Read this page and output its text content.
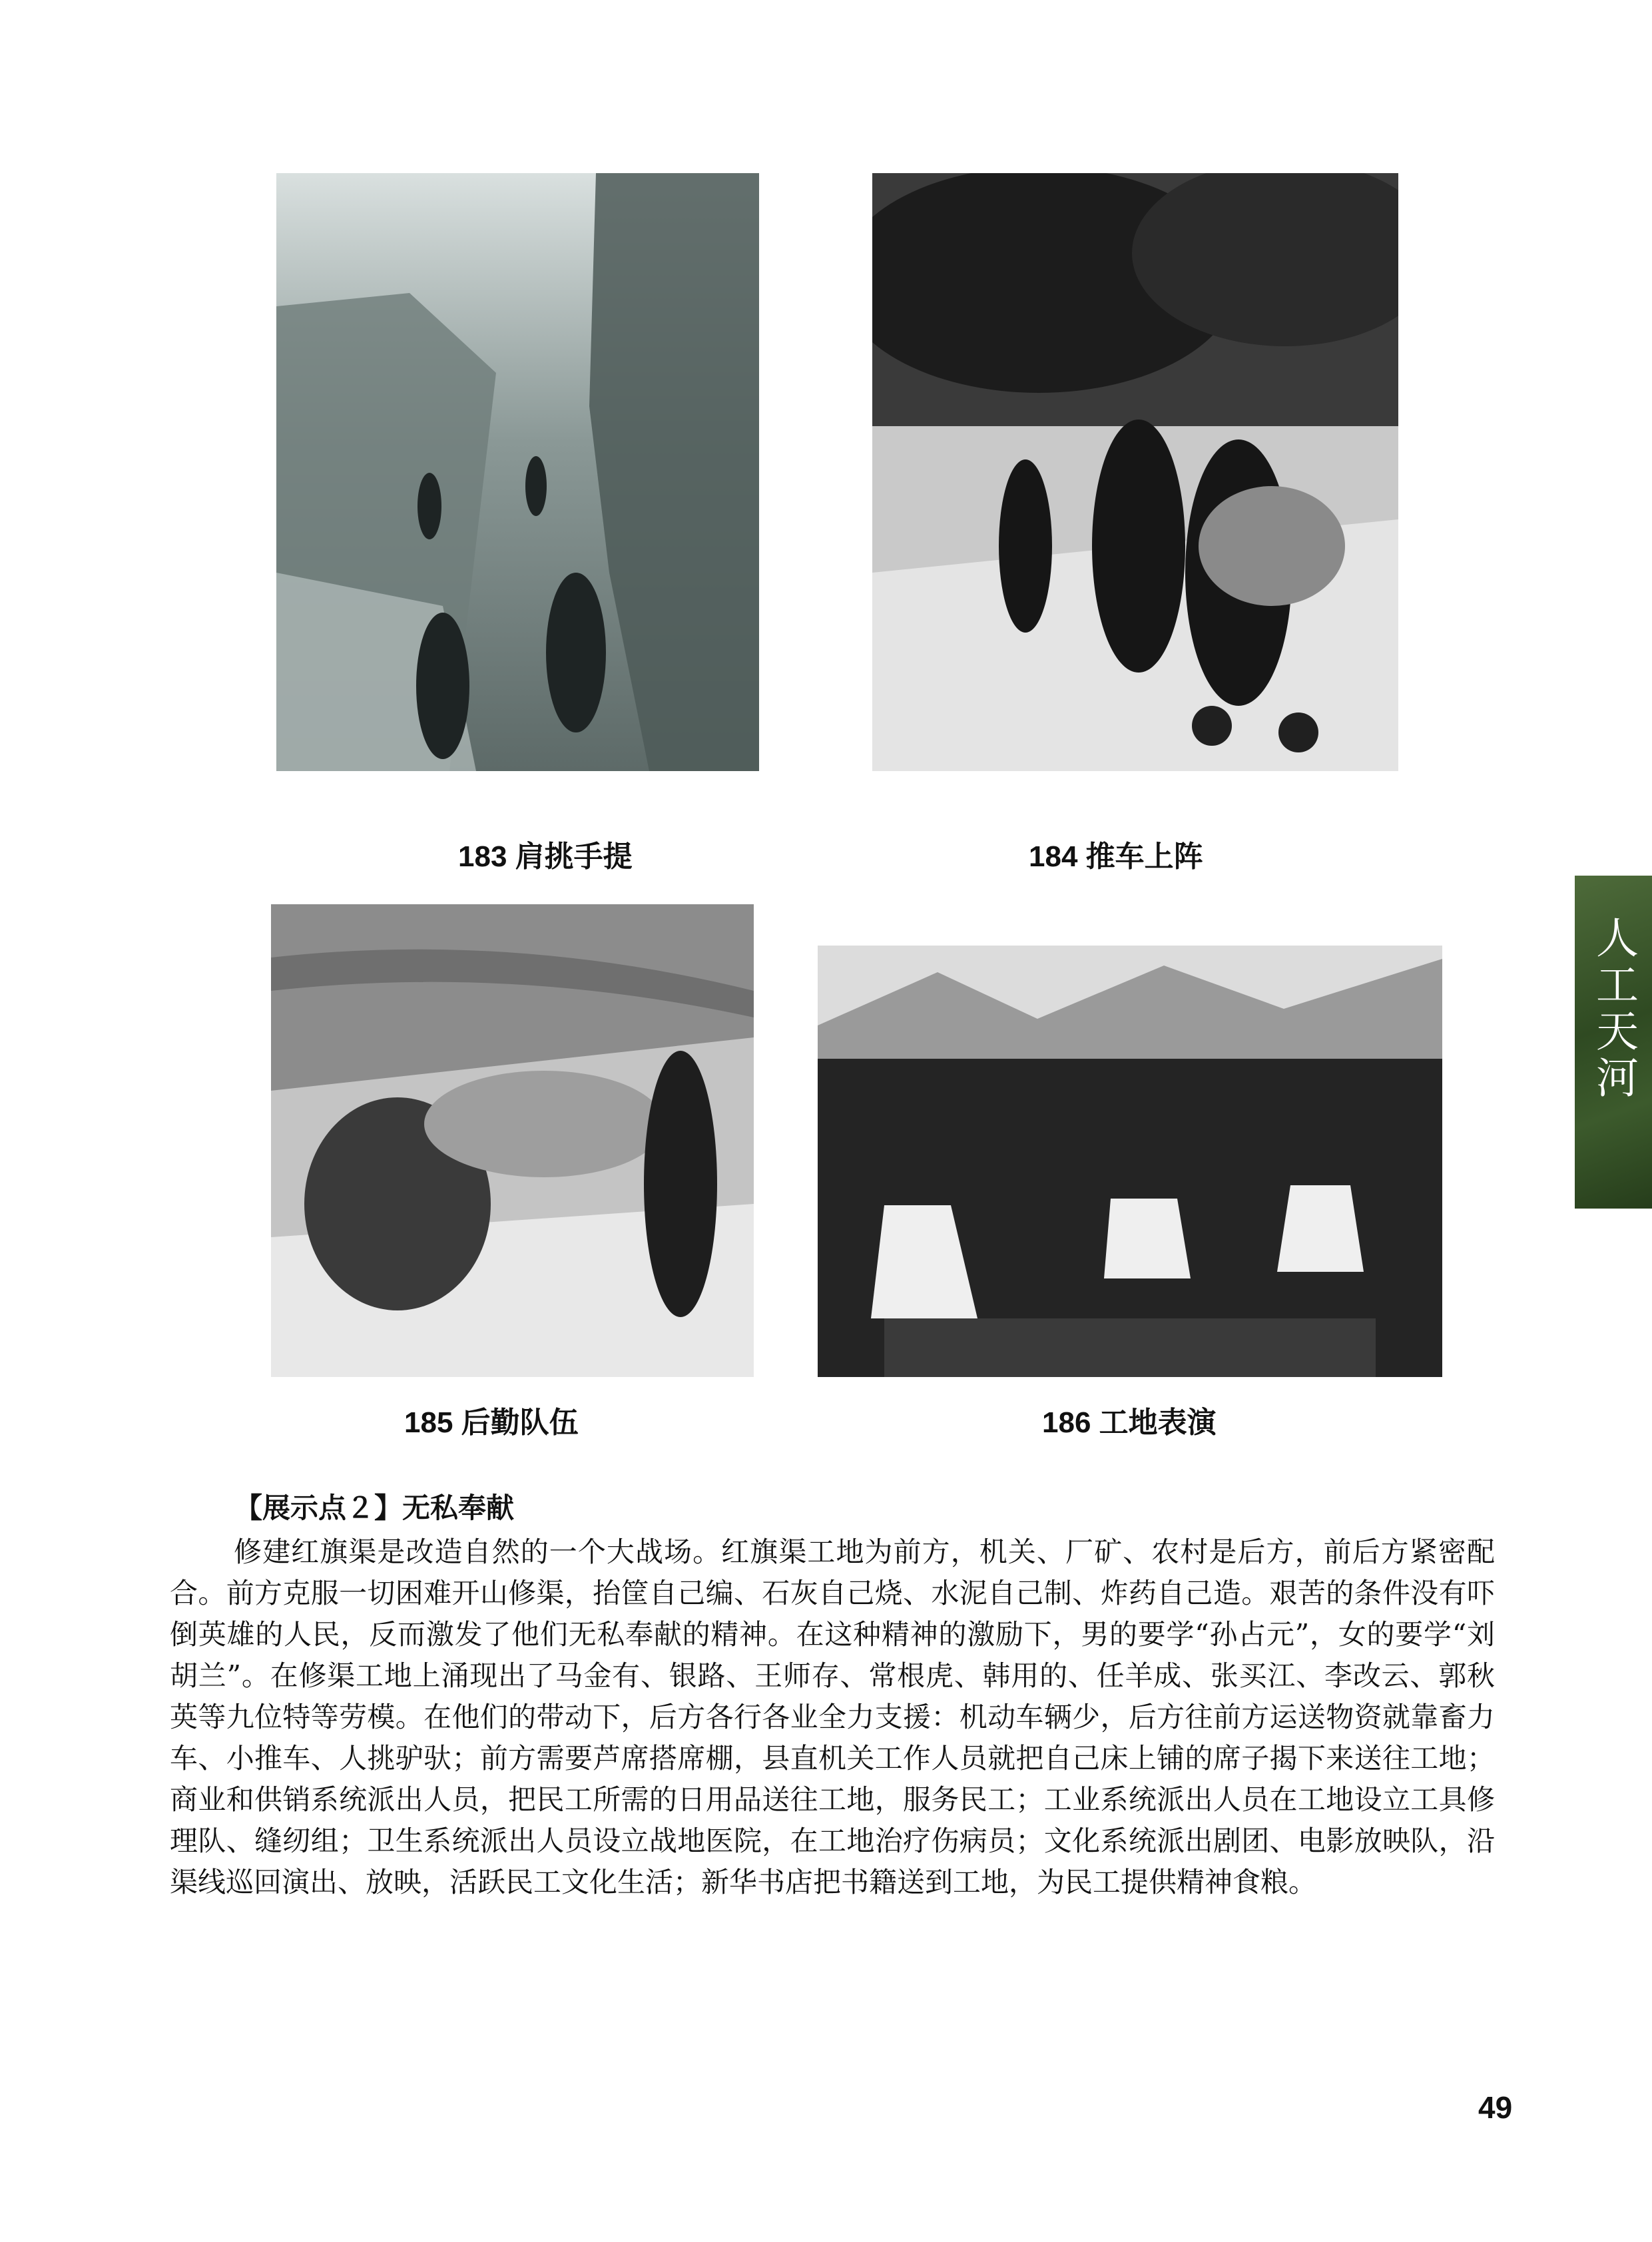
183 肩挑手提	184 推车上阵
185 后勤队伍	186 工地表演
【展示点２】无私奉献

修建红旗渠是改造自然的一个大战场。红旗渠工地为前方，机关、厂矿、农村是后方，前后方紧密配合。前方克服一切困难开山修渠，抬筐自己编、石灰自己烧、水泥自己制、炸药自己造。艰苦的条件没有吓倒英雄的人民，反而激发了他们无私奉献的精神。在这种精神的激励下，男的要学“孙占元”，女的要学“刘胡兰”。在修渠工地上涌现出了马金有、银路、王师存、常根虎、韩用的、任羊成、张买江、李改云、郭秋英等九位特等劳模。在他们的带动下，后方各行各业全力支援：机动车辆少，后方往前方运送物资就靠畜力车、小推车、人挑驴驮；前方需要芦席搭席棚，县直机关工作人员就把自己床上铺的席子揭下来送往工地；商业和供销系统派出人员，把民工所需的日用品送往工地，服务民工；工业系统派出人员在工地设立工具修理队、缝纫组；卫生系统派出人员设立战地医院，在工地治疗伤病员；文化系统派出剧团、电影放映队，沿渠线巡回演出、放映，活跃民工文化生活；新华书店把书籍送到工地，为民工提供精神食粮。

人工天河
49
